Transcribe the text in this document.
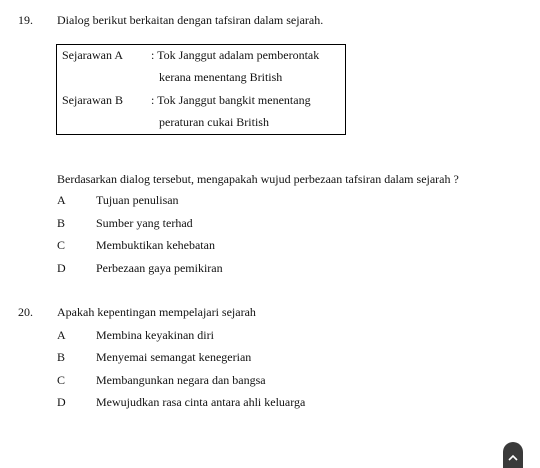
19. Dialog berikut berkaitan dengan tafsiran dalam sejarah.
Sejarawan A : Tok Janggut adalam pemberontak
kerana menentang British
Sejarawan B : Tok Janggut bangkit menentang
peraturan cukai British
Berdasarkan dialog tersebut, mengapakah wujud perbezaan tafsiran dalam sejarah ?
A	Tujuan penulisan
B	Sumber yang terhad
C	Membuktikan kehebatan
D	Perbezaan gaya pemikiran
20. Apakah kepentingan mempelajari sejarah
A	Membina keyakinan diri
B	Menyemai semangat kenegerian
C	Membangunkan negara dan bangsa
D	Mewujudkan rasa cinta antara ahli keluarga
